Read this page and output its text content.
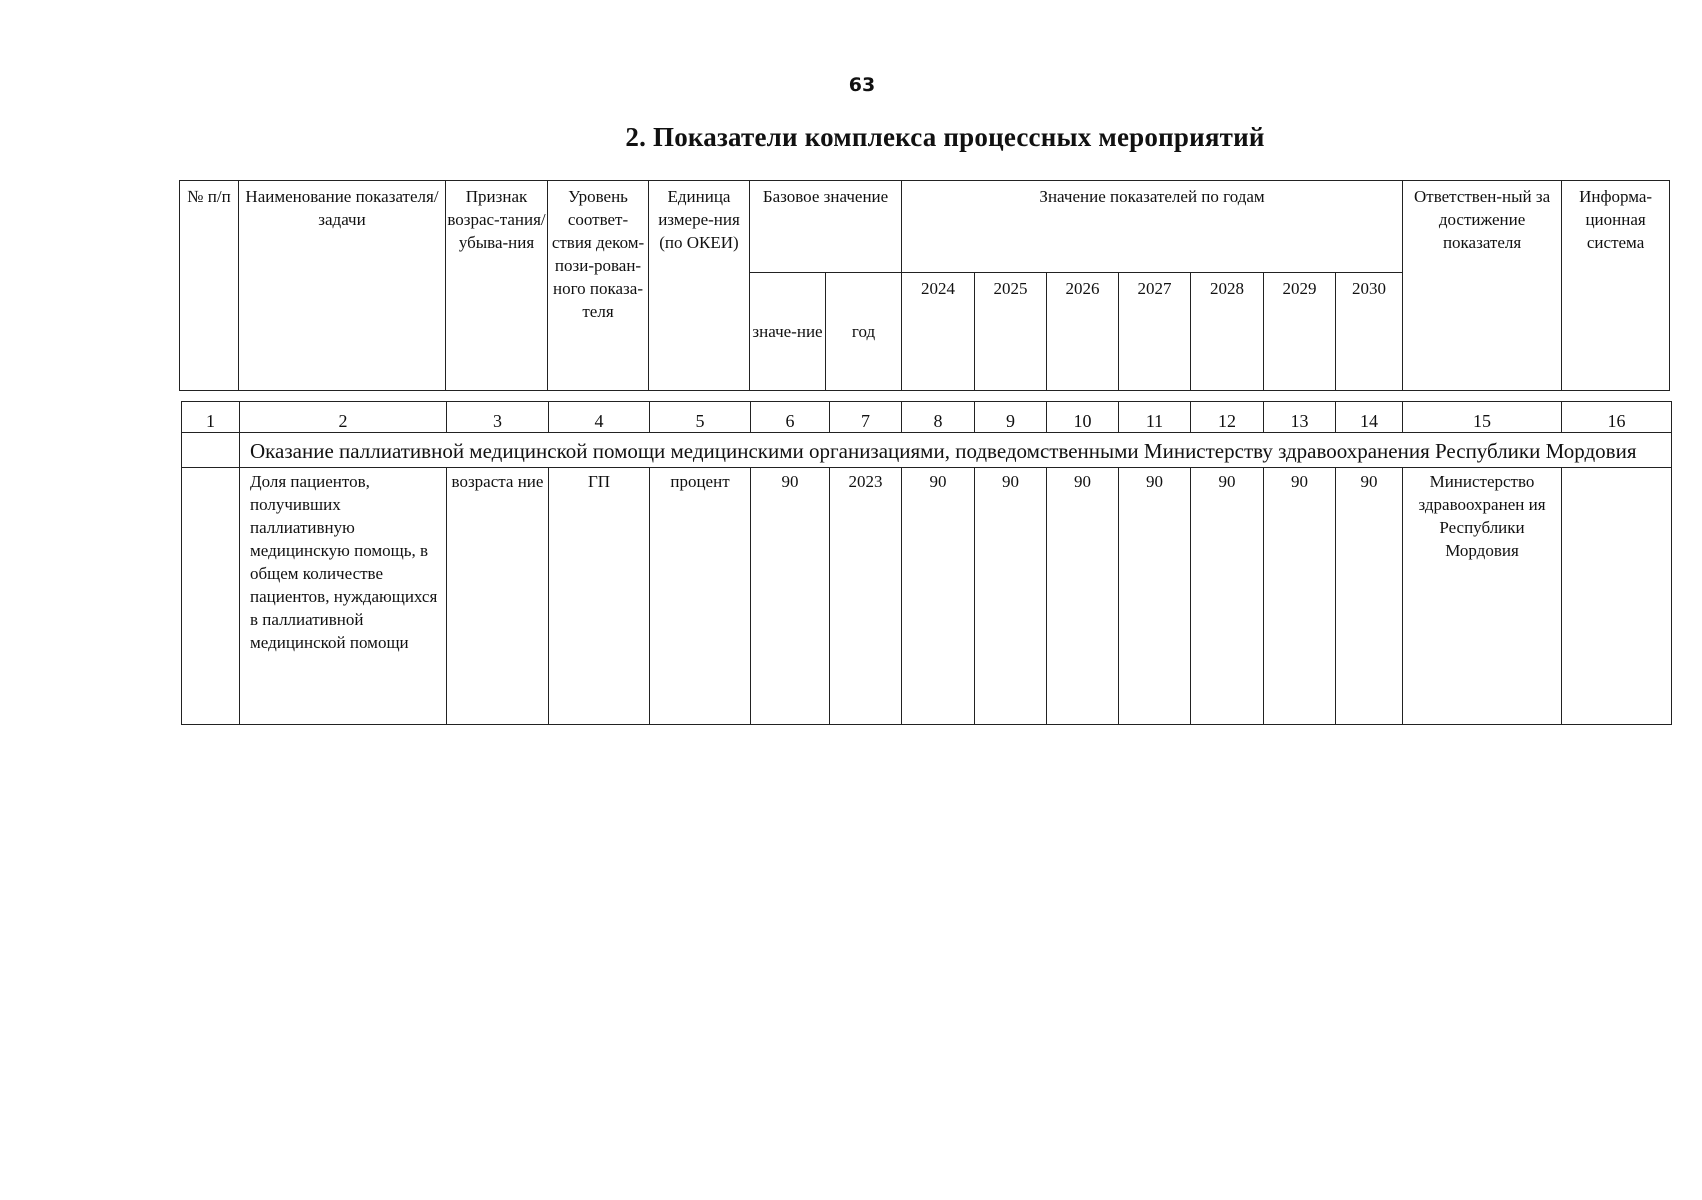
63
2. Показатели комплекса процессных мероприятий
№ п/п	Наименование показателя/задачи	Признак возрас-тания/ убыва-ния	Уровень соответ-ствия деком-пози-рован-ного показа-теля	Единица измере-ния (по ОКЕИ)	Базовое значение		Значение показателей по годам							Ответствен-ный за достижение показателя	Информа-ционная система
					значе-ние	год	2024	2025	2026	2027	2028	2029	2030		
1	2	3	4	5	6	7	8	9	10	11	12	13	14	15	16
	Оказание паллиативной медицинской помощи медицинскими организациями, подведомственными Министерству здравоохранения Республики Мордовия														
	Доля пациентов, получивших паллиативную медицинскую помощь, в общем количестве пациентов, нуждающихся в паллиативной медицинской помощи	возраста ние	ГП	процент	90	2023	90	90	90	90	90	90	90	Министерство здравоохранен ия Республики Мордовия	
